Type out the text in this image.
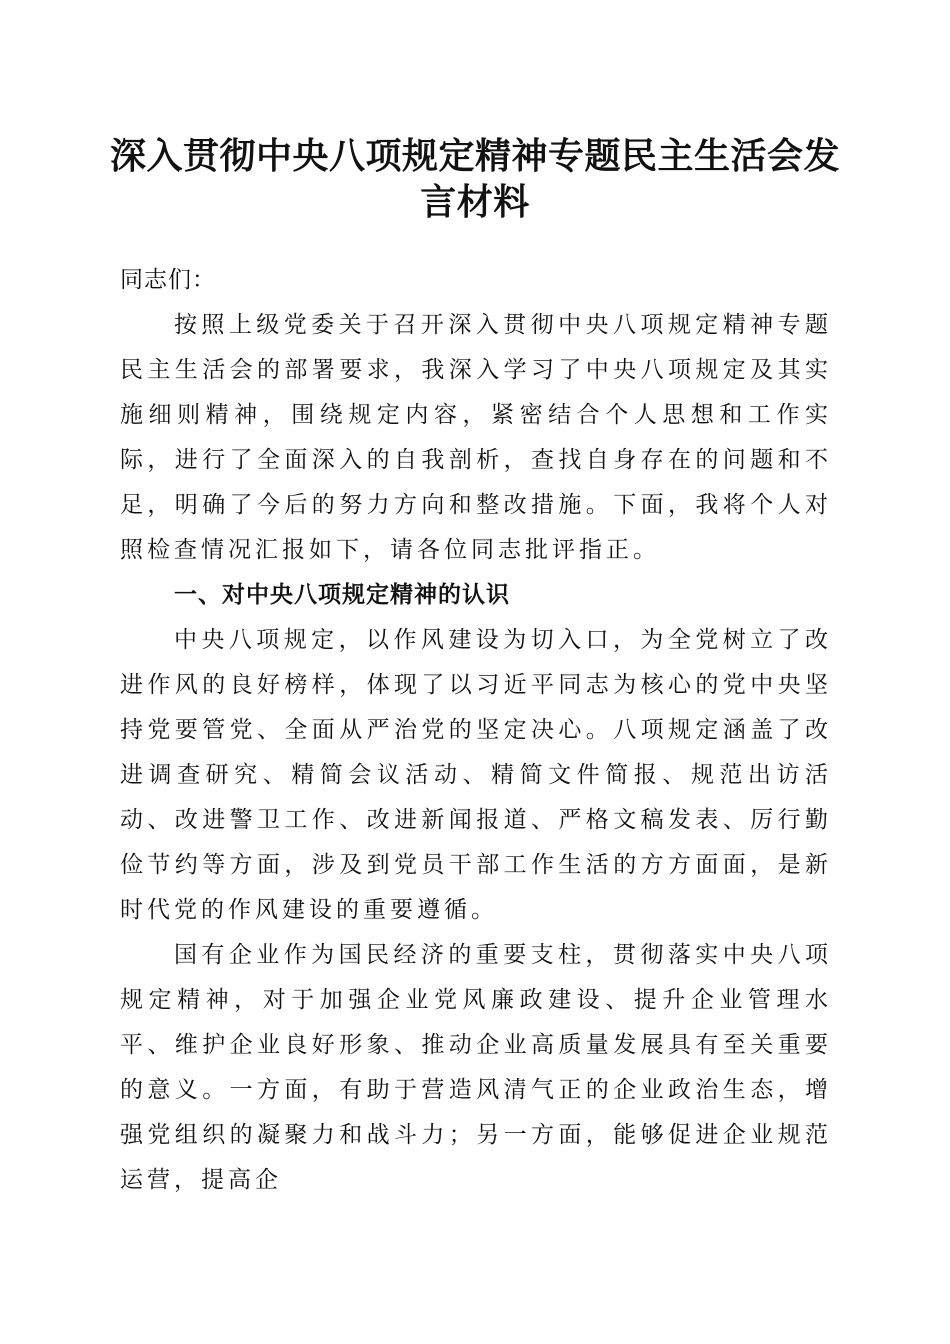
深入贯彻中央八项规定精神专题民主生活会发言材料

同志们：

按照上级党委关于召开深入贯彻中央八项规定精神专题民主生活会的部署要求，我深入学习了中央八项规定及其实施细则精神，围绕规定内容，紧密结合个人思想和工作实际，进行了全面深入的自我剖析，查找自身存在的问题和不足，明确了今后的努力方向和整改措施。下面，我将个人对照检查情况汇报如下，请各位同志批评指正。

一、对中央八项规定精神的认识

中央八项规定，以作风建设为切入口，为全党树立了改进作风的良好榜样，体现了以习近平同志为核心的党中央坚持党要管党、全面从严治党的坚定决心。八项规定涵盖了改进调查研究、精简会议活动、精简文件简报、规范出访活动、改进警卫工作、改进新闻报道、严格文稿发表、厉行勤俭节约等方面，涉及到党员干部工作生活的方方面面，是新时代党的作风建设的重要遵循。

国有企业作为国民经济的重要支柱，贯彻落实中央八项规定精神，对于加强企业党风廉政建设、提升企业管理水平、维护企业良好形象、推动企业高质量发展具有至关重要的意义。一方面，有助于营造风清气正的企业政治生态，增强党组织的凝聚力和战斗力；另一方面，能够促进企业规范运营，提高企
